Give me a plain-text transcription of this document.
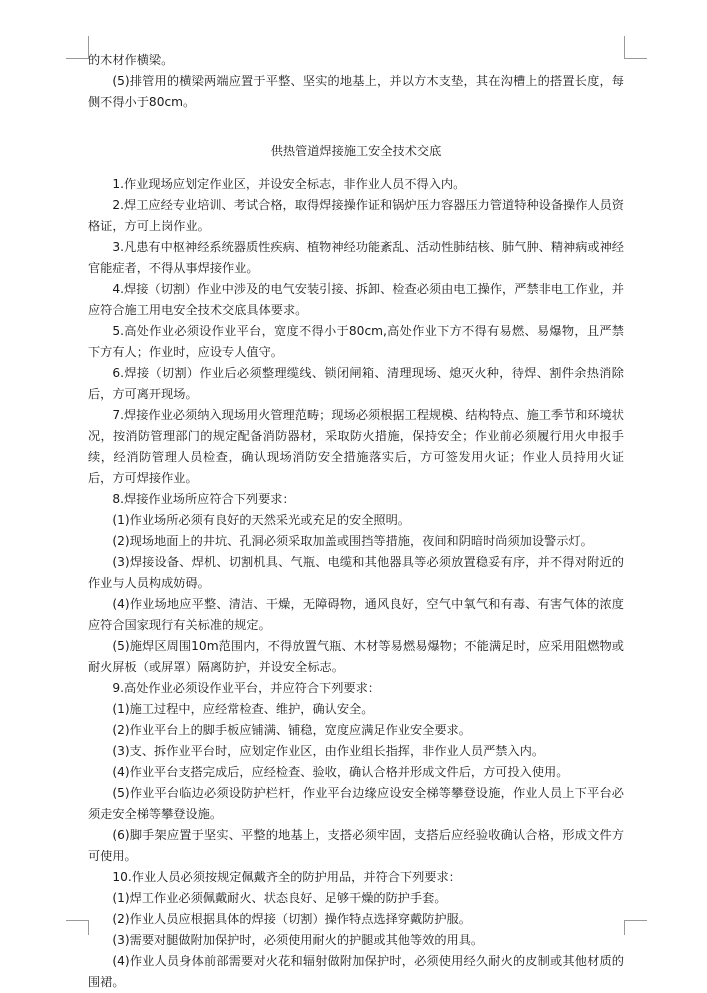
的木材作横梁。

(5)排管用的横梁两端应置于平整、坚实的地基上，并以方木支垫，其在沟槽上的搭置长度，每侧不得小于80cm。

供热管道焊接施工安全技术交底

1.作业现场应划定作业区，并设安全标志，非作业人员不得入内。

2.焊工应经专业培训、考试合格，取得焊接操作证和锅炉压力容器压力管道特种设备操作人员资格证，方可上岗作业。

3.凡患有中枢神经系统器质性疾病、植物神经功能紊乱、活动性肺结核、肺气肿、精神病或神经官能症者，不得从事焊接作业。

4.焊接（切割）作业中涉及的电气安装引接、拆卸、检查必须由电工操作，严禁非电工作业，并应符合施工用电安全技术交底具体要求。

5.高处作业必须设作业平台，宽度不得小于80cm,高处作业下方不得有易燃、易爆物，且严禁下方有人；作业时，应设专人值守。

6.焊接（切割）作业后必须整理缆线、锁闭闸箱、清理现场、熄灭火种，待焊、割件余热消除后，方可离开现场。

7.焊接作业必须纳入现场用火管理范畴；现场必须根据工程规模、结构特点、施工季节和环境状况，按消防管理部门的规定配备消防器材，采取防火措施，保持安全；作业前必须履行用火申报手续，经消防管理人员检查，确认现场消防安全措施落实后，方可签发用火证；作业人员持用火证后，方可焊接作业。

8.焊接作业场所应符合下列要求：

(1)作业场所必须有良好的天然采光或充足的安全照明。

(2)现场地面上的井坑、孔洞必须采取加盖或围挡等措施，夜间和阴暗时尚须加设警示灯。

(3)焊接设备、焊机、切割机具、气瓶、电缆和其他器具等必须放置稳妥有序，并不得对附近的作业与人员构成妨碍。

(4)作业场地应平整、清洁、干燥，无障碍物，通风良好，空气中氧气和有毒、有害气体的浓度应符合国家现行有关标准的规定。

(5)施焊区周围10m范围内，不得放置气瓶、木材等易燃易爆物；不能满足时，应采用阻燃物或耐火屏板（或屏罩）隔离防护，并设安全标志。

9.高处作业必须设作业平台，并应符合下列要求：

(1)施工过程中，应经常检查、维护，确认安全。

(2)作业平台上的脚手板应铺满、铺稳，宽度应满足作业安全要求。

(3)支、拆作业平台时，应划定作业区，由作业组长指挥，非作业人员严禁入内。

(4)作业平台支搭完成后，应经检查、验收，确认合格并形成文件后，方可投入使用。

(5)作业平台临边必须设防护栏杆，作业平台边缘应设安全梯等攀登设施，作业人员上下平台必须走安全梯等攀登设施。

(6)脚手架应置于坚实、平整的地基上，支搭必须牢固，支搭后应经验收确认合格，形成文件方可使用。

10.作业人员必须按规定佩戴齐全的防护用品，并符合下列要求：

(1)焊工作业必须佩戴耐火、状态良好、足够干燥的防护手套。

(2)作业人员应根据具体的焊接（切割）操作特点选择穿戴防护服。

(3)需要对腿做附加保护时，必须使用耐火的护腿或其他等效的用具。

(4)作业人员身体前部需要对火花和辐射做附加保护时，必须使用经久耐火的皮制或其他材质的围裙。
